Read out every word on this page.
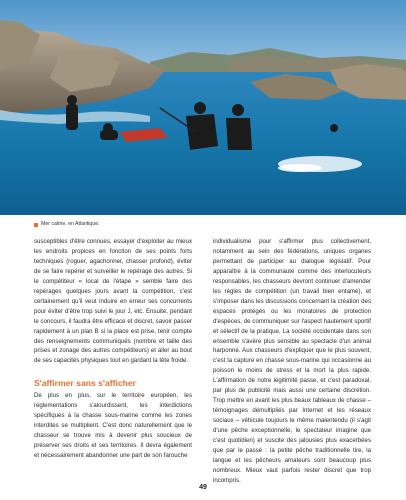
Mer calme, en Atlantique.

susceptibles d'être connues, essayer d'exploiter au mieux les endroits propices en fonction de ses points forts techniques (roguer, agachonner, chasser profond), éviter de se faire repérer et surveiller le repérage des autres. Si le compétiteur « local de l'étape » semble faire des repérages quelques jours avant la compétition, c'est certainement qu'il veut induire en erreur ses concurrents pour éviter d'être trop suivi le jour J, etc. Ensuite, pendant le concours, il faudra être efficace et discret, savoir passer rapidement à un plan B si la place est prise, tenir compte des renseignements communiqués (nombre et taille des prises et zonage des autres compétiteurs) et aller au bout de ses capacités physiques tout en gardant la tête froide.

S'affirmer sans s'afficher

De plus en plus, sur le territoire européen, les réglementations s'alourdissent, les interdictions spécifiques à la chasse sous-marine comme les zones interdites se multiplient. C'est donc naturellement que le chasseur se trouve mis à devenir plus soucieux de préserver ses droits et ses territoires. Il devra également et nécessairement abandonner une part de son farouche

individualisme pour s'affirmer plus collectivement, notamment au sein des fédérations, uniques organes permettant de participer au dialogue législatif. Pour apparaître à la communauté comme des interlocuteurs responsables, les chasseurs devront continuer d'amender les règles de compétition (un travail bien entamé), et s'imposer dans les discussions concernant la création des espaces protégés ou les moratoires de protection d'espèces, de communiquer sur l'aspect hautement sportif et sélectif de la pratique. La société occidentale dans son ensemble s'avère plus sensible au spectacle d'un animal harponné. Aux chasseurs d'expliquer que le plus souvent, c'est la capture en chasse sous-marine qui occasionne au poisson le moins de stress et la mort la plus rapide. L'affirmation de notre légitimité passe, et c'est paradoxal, par plus de publicité mais aussi une certaine discrétion. Trop mettre en avant les plus beaux tableaux de chasse – témoignages démultipliés par Internet et les réseaux sociaux – véhicule toujours le même malentendu (il s'agit d'une pêche exceptionnelle, le spectateur imagine que c'est quotidien) et suscite des jalousies plus exacerbées que par le passé : la petite pêche traditionnelle tire, la langue et les pêcheurs amateurs sont beaucoup plus nombreux. Mieux vaut parfois rester discret que trop incompris.

49
